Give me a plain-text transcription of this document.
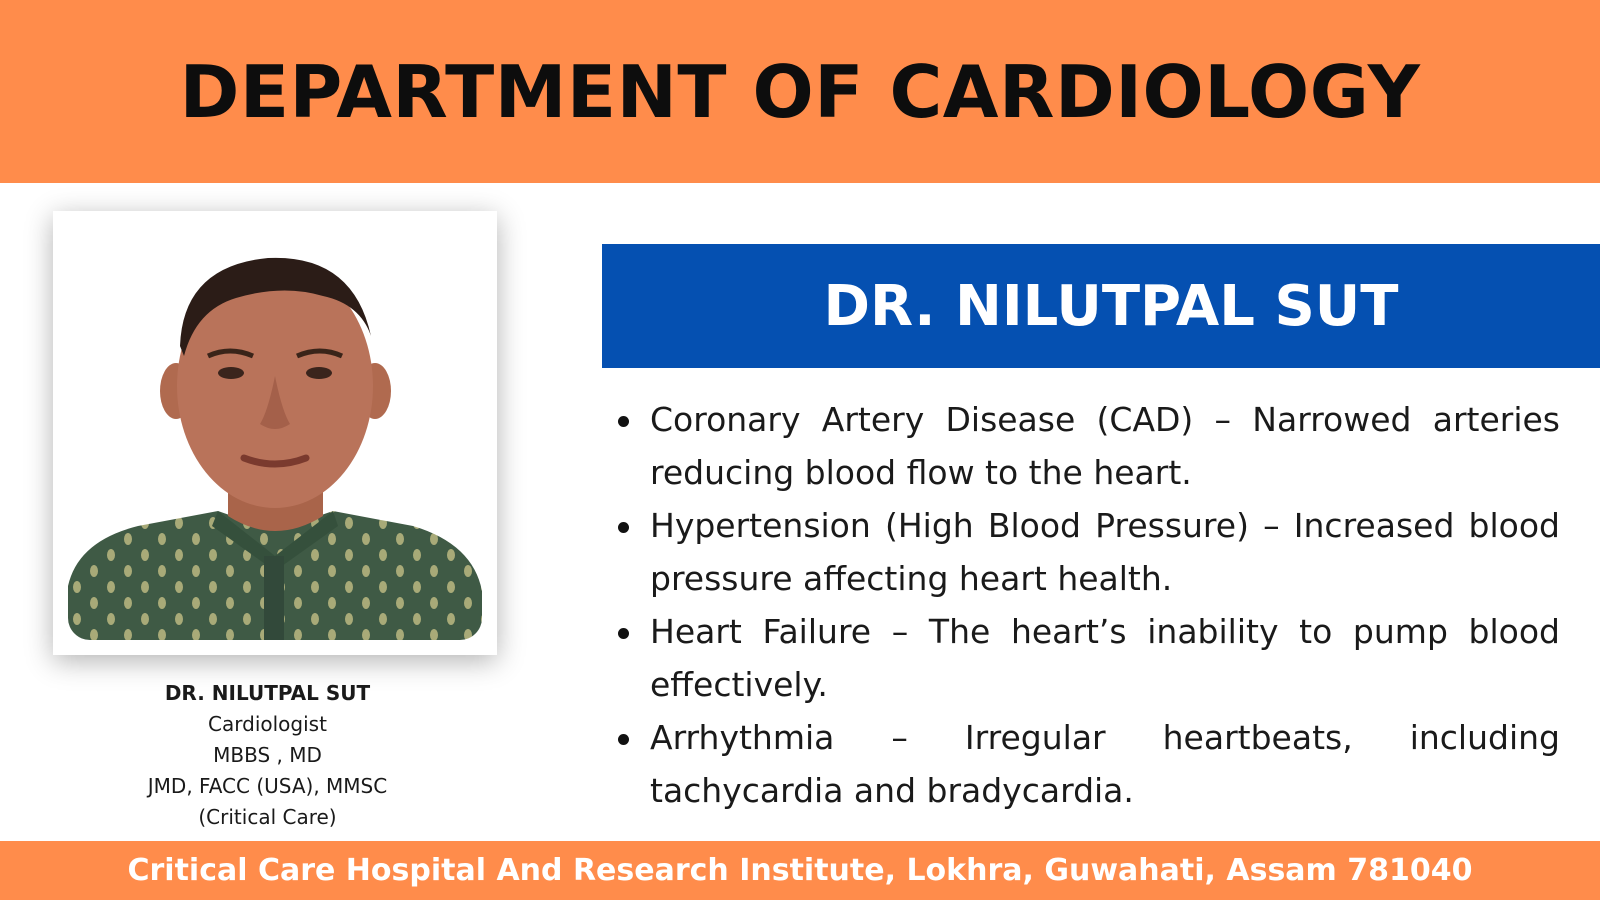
DEPARTMENT OF CARDIOLOGY
DR. NILUTPAL SUT
Cardiologist
MBBS , MD
JMD, FACC (USA), MMSC
(Critical Care)
DR. NILUTPAL SUT
Coronary Artery Disease (CAD) – Narrowed arteries reducing blood flow to the heart.
Hypertension (High Blood Pressure) – Increased blood pressure affecting heart health.
Heart Failure – The heart’s inability to pump blood effectively.
Arrhythmia – Irregular heartbeats, including tachycardia and bradycardia.
Critical Care Hospital And Research Institute, Lokhra, Guwahati, Assam 781040
